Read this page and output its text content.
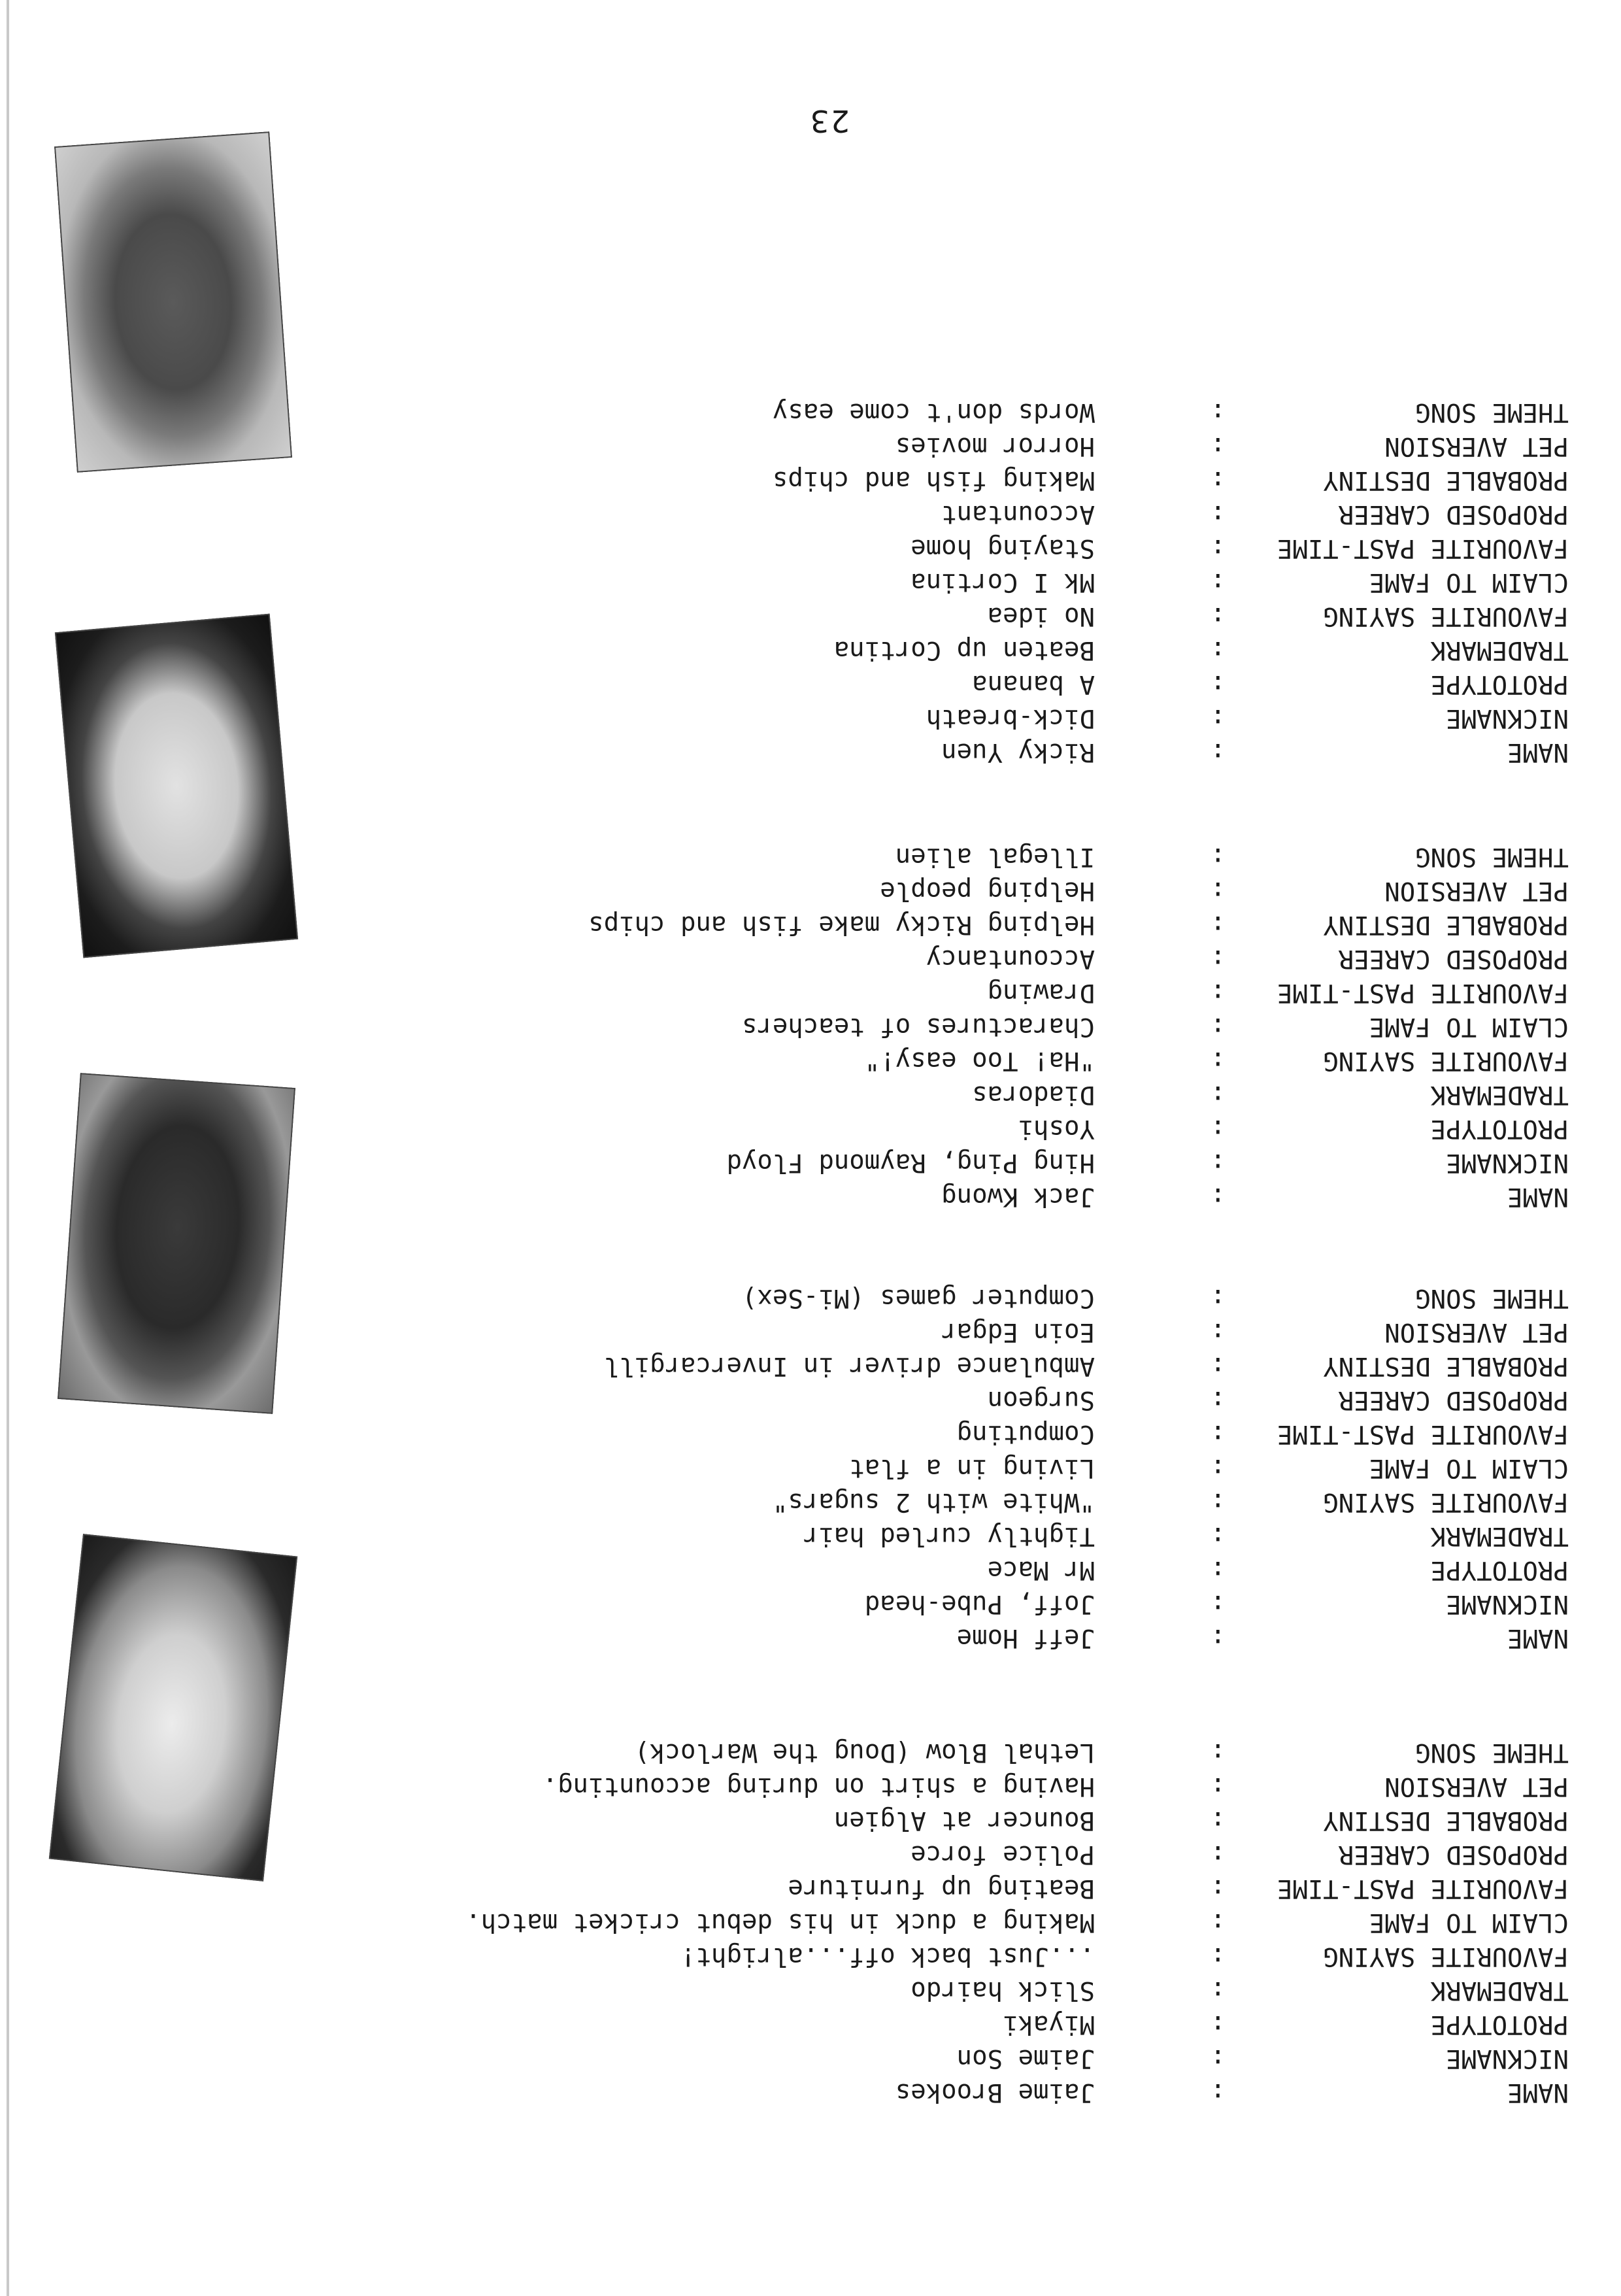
23
NAME
:
Jaime Brookes
NICKNAME
:
Jaime Son
PROTOTYPE
:
Miyaki
TRADEMARK
:
Slick hairdo
FAVOURITE SAYING
:
...Just back off...alright!
CLAIM TO FAME
:
Making a duck in his debut cricket match.
FAVOURITE PAST-TIME
:
Beating up furniture
PROPOSED CAREER
:
Police force
PROBABLE DESTINY
:
Bouncer at Algien
PET AVERSION
:
Having a shirt on during accounting.
THEME SONG
:
Lethal Blow (Doug the Warlock)
NAME
:
Jeff Home
NICKNAME
:
Joff, Pube-head
PROTOTYPE
:
Mr Mace
TRADEMARK
:
Tightly curled hair
FAVOURITE SAYING
:
"White with 2 sugars"
CLAIM TO FAME
:
Living in a flat
FAVOURITE PAST-TIME
:
Computing
PROPOSED CAREER
:
Surgeon
PROBABLE DESTINY
:
Ambulance driver in Invercargill
PET AVERSION
:
Eoin Edgar
THEME SONG
:
Computer games (Mi-Sex)
NAME
:
Jack Kwong
NICKNAME
:
Hing Ping, Raymond Floyd
PROTOTYPE
:
Yoshi
TRADEMARK
:
Diadoras
FAVOURITE SAYING
:
"Ha! Too easy!"
CLAIM TO FAME
:
Charactures of teachers
FAVOURITE PAST-TIME
:
Drawing
PROPOSED CAREER
:
Accountancy
PROBABLE DESTINY
:
Helping Ricky make fish and chips
PET AVERSION
:
Helping people
THEME SONG
:
Illegal alien
NAME
:
Ricky Yuen
NICKNAME
:
Dick-breath
PROTOTYPE
:
A banana
TRADEMARK
:
Beaten up Cortina
FAVOURITE SAYING
:
No idea
CLAIM TO FAME
:
Mk I Cortina
FAVOURITE PAST-TIME
:
Staying home
PROPOSED CAREER
:
Accountant
PROBABLE DESTINY
:
Making fish and chips
PET AVERSION
:
Horror movies
THEME SONG
:
Words don't come easy
